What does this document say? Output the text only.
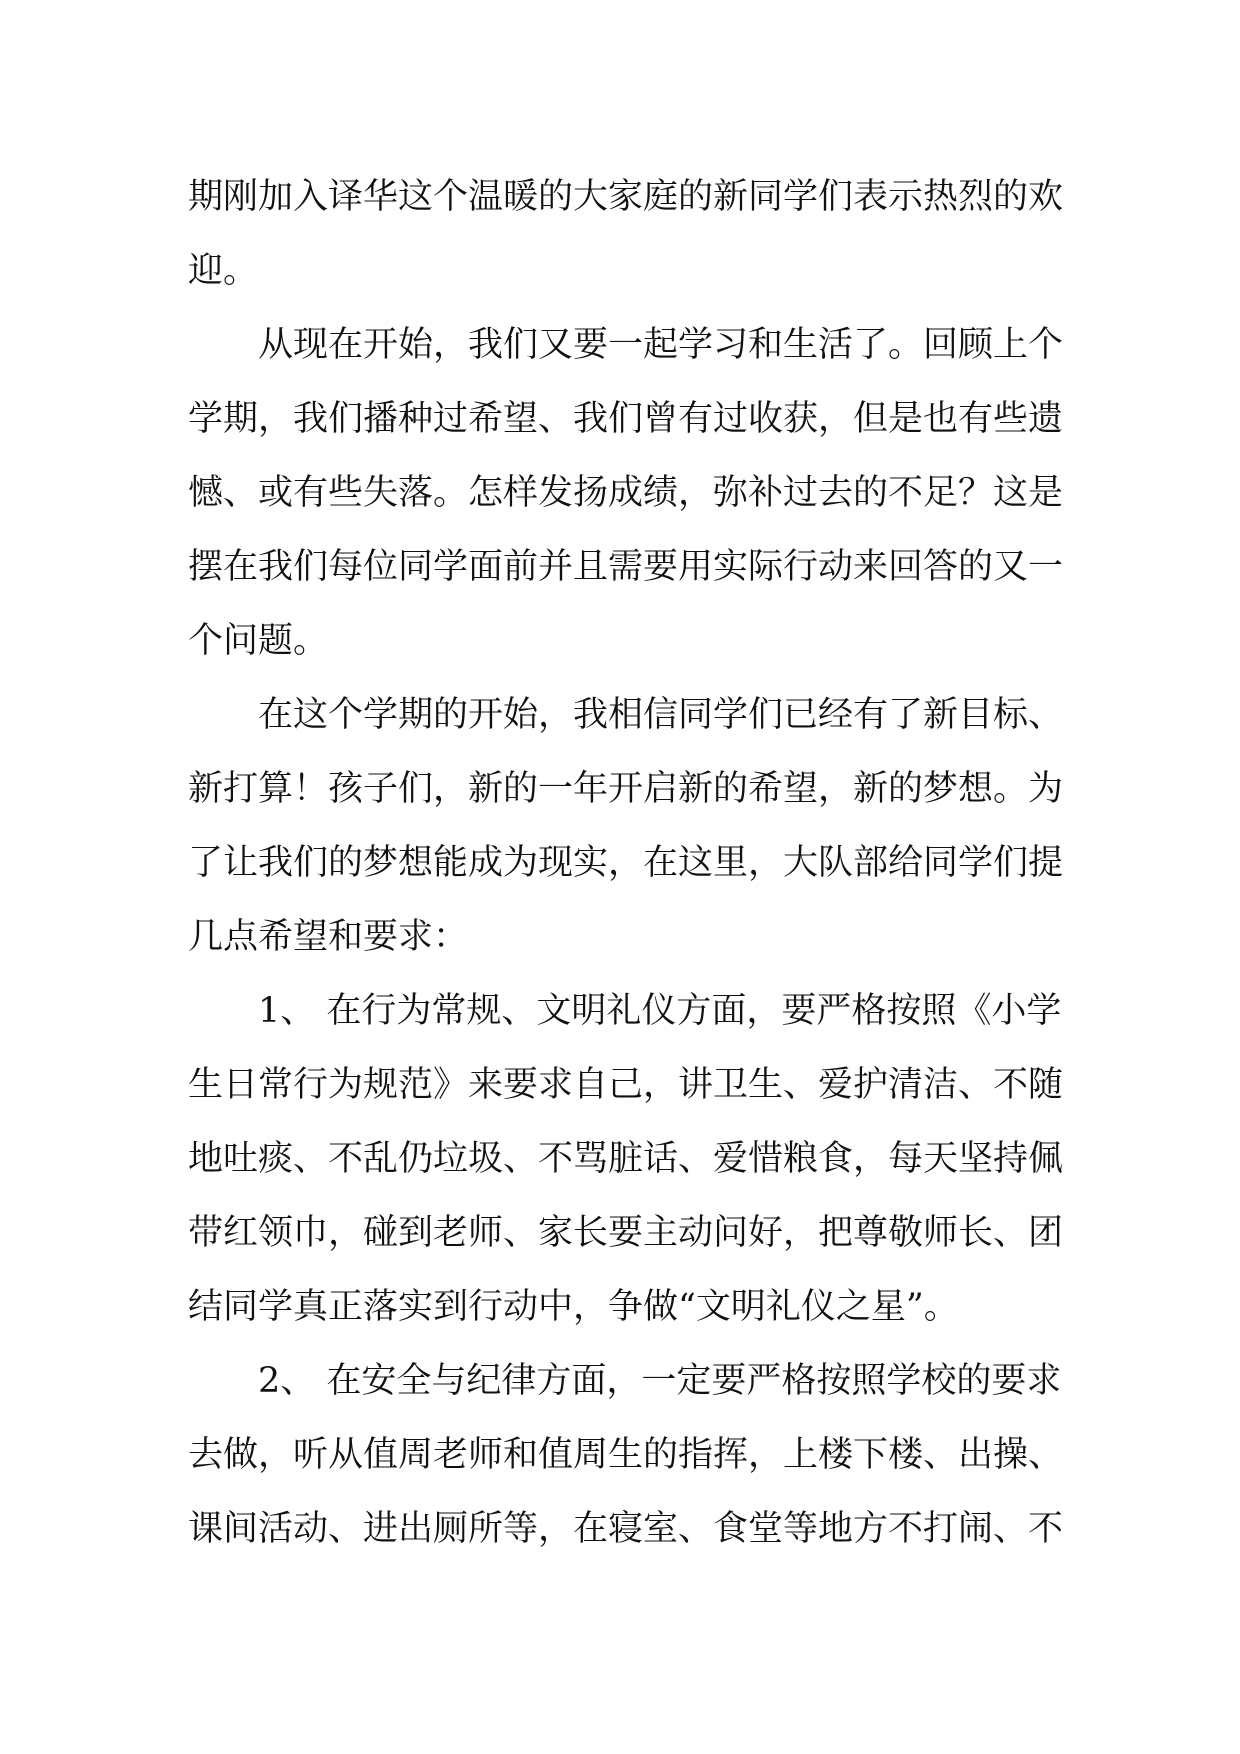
期刚加入译华这个温暖的大家庭的新同学们表示热烈的欢
迎。
从现在开始，我们又要一起学习和生活了。回顾上个
学期，我们播种过希望、我们曾有过收获，但是也有些遗
憾、或有些失落。怎样发扬成绩，弥补过去的不足？这是
摆在我们每位同学面前并且需要用实际行动来回答的又一
个问题。
在这个学期的开始，我相信同学们已经有了新目标、
新打算！孩子们，新的一年开启新的希望，新的梦想。为
了让我们的梦想能成为现实，在这里，大队部给同学们提
几点希望和要求：
1、 在行为常规、文明礼仪方面，要严格按照《小学
生日常行为规范》来要求自己，讲卫生、爱护清洁、不随
地吐痰、不乱仍垃圾、不骂脏话、爱惜粮食，每天坚持佩
带红领巾，碰到老师、家长要主动问好，把尊敬师长、团
结同学真正落实到行动中，争做“文明礼仪之星”。
2、 在安全与纪律方面，一定要严格按照学校的要求
去做，听从值周老师和值周生的指挥，上楼下楼、出操、
课间活动、进出厕所等，在寝室、食堂等地方不打闹、不
